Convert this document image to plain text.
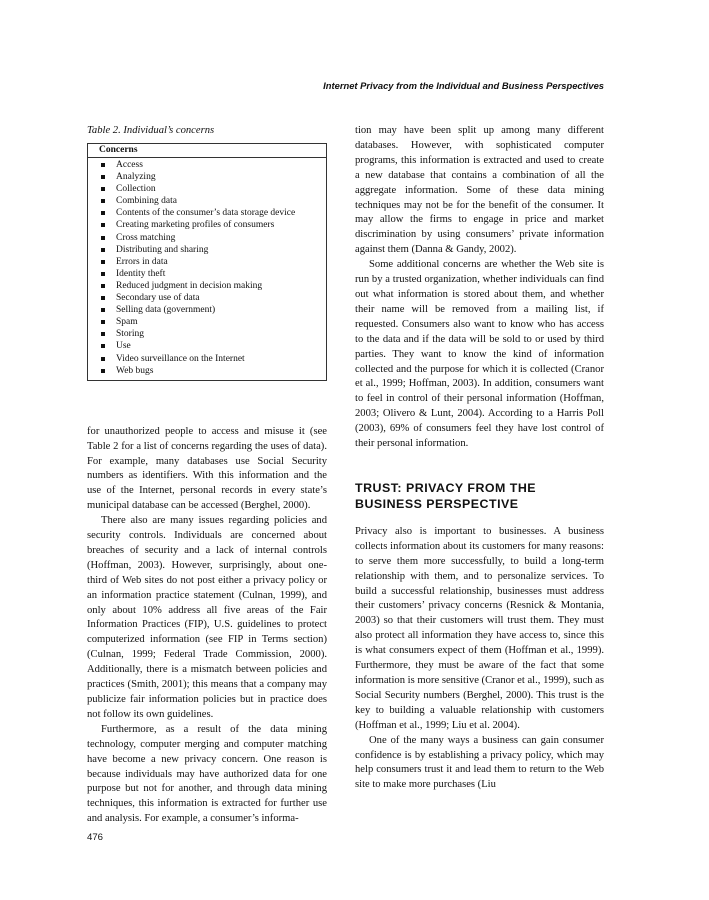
Internet Privacy from the Individual and Business Perspectives

Table 2. Individual’s concerns

Concerns
Access
Analyzing
Collection
Combining data
Contents of the consumer’s data storage device
Creating marketing profiles of consumers
Cross matching
Distributing and sharing
Errors in data
Identity theft
Reduced judgment in decision making
Secondary use of data
Selling data (government)
Spam
Storing
Use
Video surveillance on the Internet
Web bugs

for unauthorized people to access and misuse it (see Table 2 for a list of concerns regarding the uses of data). For example, many databases use Social Security numbers as identifiers. With this information and the use of the Internet, personal records in every state’s municipal database can be accessed (Berghel, 2000).

There also are many issues regarding policies and security controls. Individuals are concerned about breaches of security and a lack of internal controls (Hoffman, 2003). However, surprisingly, about one-third of Web sites do not post either a privacy policy or an information practice statement (Culnan, 1999), and only about 10% address all five areas of the Fair Information Practices (FIP), U.S. guidelines to protect computerized information (see FIP in Terms section) (Culnan, 1999; Federal Trade Commission, 2000). Additionally, there is a mismatch between policies and practices (Smith, 2001); this means that a company may publicize fair information policies but in practice does not follow its own guidelines.

Furthermore, as a result of the data mining technology, computer merging and computer matching have become a new privacy concern. One reason is because individuals may have authorized data for one purpose but not for another, and through data mining techniques, this information is extracted for further use and analysis. For example, a consumer’s informa-

tion may have been split up among many different databases. However, with sophisticated computer programs, this information is extracted and used to create a new database that contains a combination of all the aggregate information. Some of these data mining techniques may not be for the benefit of the consumer. It may allow the firms to engage in price and market discrimination by using consumers’ private information against them (Danna & Gandy, 2002).

Some additional concerns are whether the Web site is run by a trusted organization, whether individuals can find out what information is stored about them, and whether their name will be removed from a mailing list, if requested. Consumers also want to know who has access to the data and if the data will be sold to or used by third parties. They want to know the kind of information collected and the purpose for which it is collected (Cranor et al., 1999; Hoffman, 2003). In addition, consumers want to feel in control of their personal information (Hoffman, 2003; Olivero & Lunt, 2004). According to a Harris Poll (2003), 69% of consumers feel they have lost control of their personal information.

TRUST: PRIVACY FROM THE
BUSINESS PERSPECTIVE

Privacy also is important to businesses. A business collects information about its customers for many reasons: to serve them more successfully, to build a long-term relationship with them, and to personalize services. To build a successful relationship, businesses must address their customers’ privacy concerns (Resnick & Montania, 2003) so that their customers will trust them. They must also protect all information they have access to, since this is what consumers expect of them (Hoffman et al., 1999). Furthermore, they must be aware of the fact that some information is more sensitive (Cranor et al., 1999), such as Social Security numbers (Berghel, 2000). This trust is the key to building a valuable relationship with customers (Hoffman et al., 1999; Liu et al. 2004).

One of the many ways a business can gain consumer confidence is by establishing a privacy policy, which may help consumers trust it and lead them to return to the Web site to make more purchases (Liu

476
